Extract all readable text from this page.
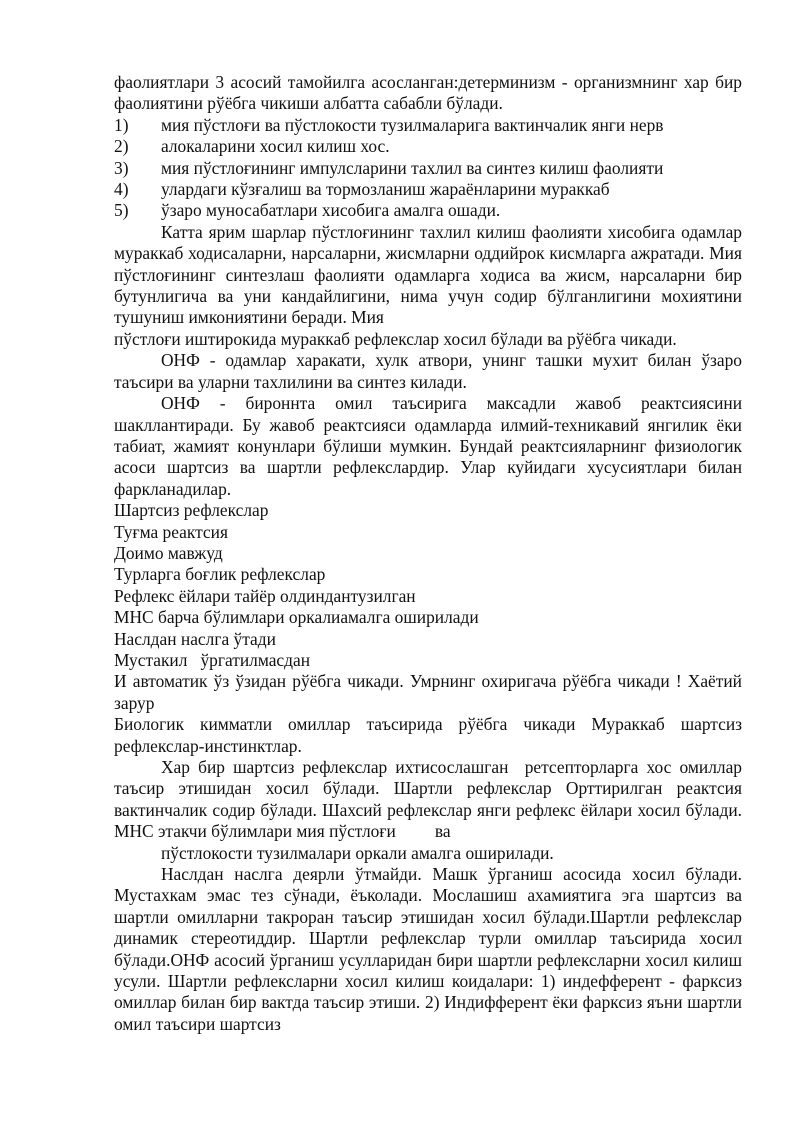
фаолиятлари 3 асосий тамойилга асосланган:детерминизм - организмнинг хар бир фаолиятини рўёбга чикиши албатта сабабли бўлади.

1)	мия пўстлоғи ва пўстлокости тузилмаларига вактинчалик янги нерв
2)	алокаларини хосил килиш хос.
3)	мия пўстлоғининг импулсларини тахлил ва синтез килиш фаолияти
4)	улардаги кўзғалиш ва тормозланиш жараёнларини мураккаб
5)	ўзаро муносабатлари хисобига амалга ошади.

Катта ярим шарлар пўстлоғининг тахлил килиш фаолияти хисобига одамлар мураккаб ходисаларни, нарсаларни, жисмларни оддийрок кисмларга ажратади. Мия пўстлоғининг синтезлаш фаолияти одамларга ходиса ва жисм, нарсаларни бир бутунлигича ва уни кандайлигини, нима учун содир бўлганлигини мохиятини тушуниш имкониятини беради. Мия

пўстлоғи иштирокида мураккаб рефлекслар хосил бўлади ва рўёбга чикади.

ОНФ - одамлар харакати, хулк атвори, унинг ташки мухит билан ўзаро таъсири ва уларни тахлилини ва синтез килади.

ОНФ - бироннта омил таъсирига максадли жавоб реактсиясини шакллантиради. Бу жавоб реактсияси одамларда илмий-техникавий янгилик ёки табиат, жамият конунлари бўлиши мумкин. Бундай реактсияларнинг физиологик асоси шартсиз ва шартли рефлекслардир. Улар куйидаги хусусиятлари билан фаркланадилар.

Шартсиз рефлекслар

Туғма реактсия

Доимо мавжуд

Турларга боғлик рефлекслар

Рефлекс ёйлари тайёр олдиндантузилган

МНС барча бўлимлари оркалиамалга оширилади

Наслдан наслга ўтади

Мустакил   ўргатилмасдан

И автоматик ўз ўзидан рўёбга чикади. Умрнинг охиригача рўёбга чикади ! Хаётий зарур

Биологик кимматли омиллар таъсирида рўёбга чикади Мураккаб шартсиз рефлекслар-инстинктлар.

Хар бир шартсиз рефлекслар ихтисослашган  ретсепторларга хос омиллар таъсир этишидан хосил бўлади. Шартли рефлекслар Орттирилган реактсия вактинчалик содир бўлади. Шахсий рефлекслар янги рефлекс ёйлари хосил бўлади. МНС этакчи бўлимлари мия пўстлоғи         ва

пўстлокости тузилмалари оркали амалга оширилади.

Наслдан наслга деярли ўтмайди. Машк ўрганиш асосида хосил бўлади. Мустахкам эмас тез сўнади, ёъколади. Мослашиш ахамиятига эга шартсиз ва шартли омилларни такроран таъсир этишидан хосил бўлади.Шартли рефлекслар динамик стереотиддир. Шартли рефлекслар турли омиллар таъсирида хосил бўлади.ОНФ асосий ўрганиш усулларидан бири шартли рефлексларни хосил килиш усули. Шартли рефлексларни хосил килиш коидалари: 1) индефферент - фарксиз омиллар билан бир вактда таъсир этиши. 2) Индифферент ёки фарксиз яъни шартли омил таъсири шартсиз
